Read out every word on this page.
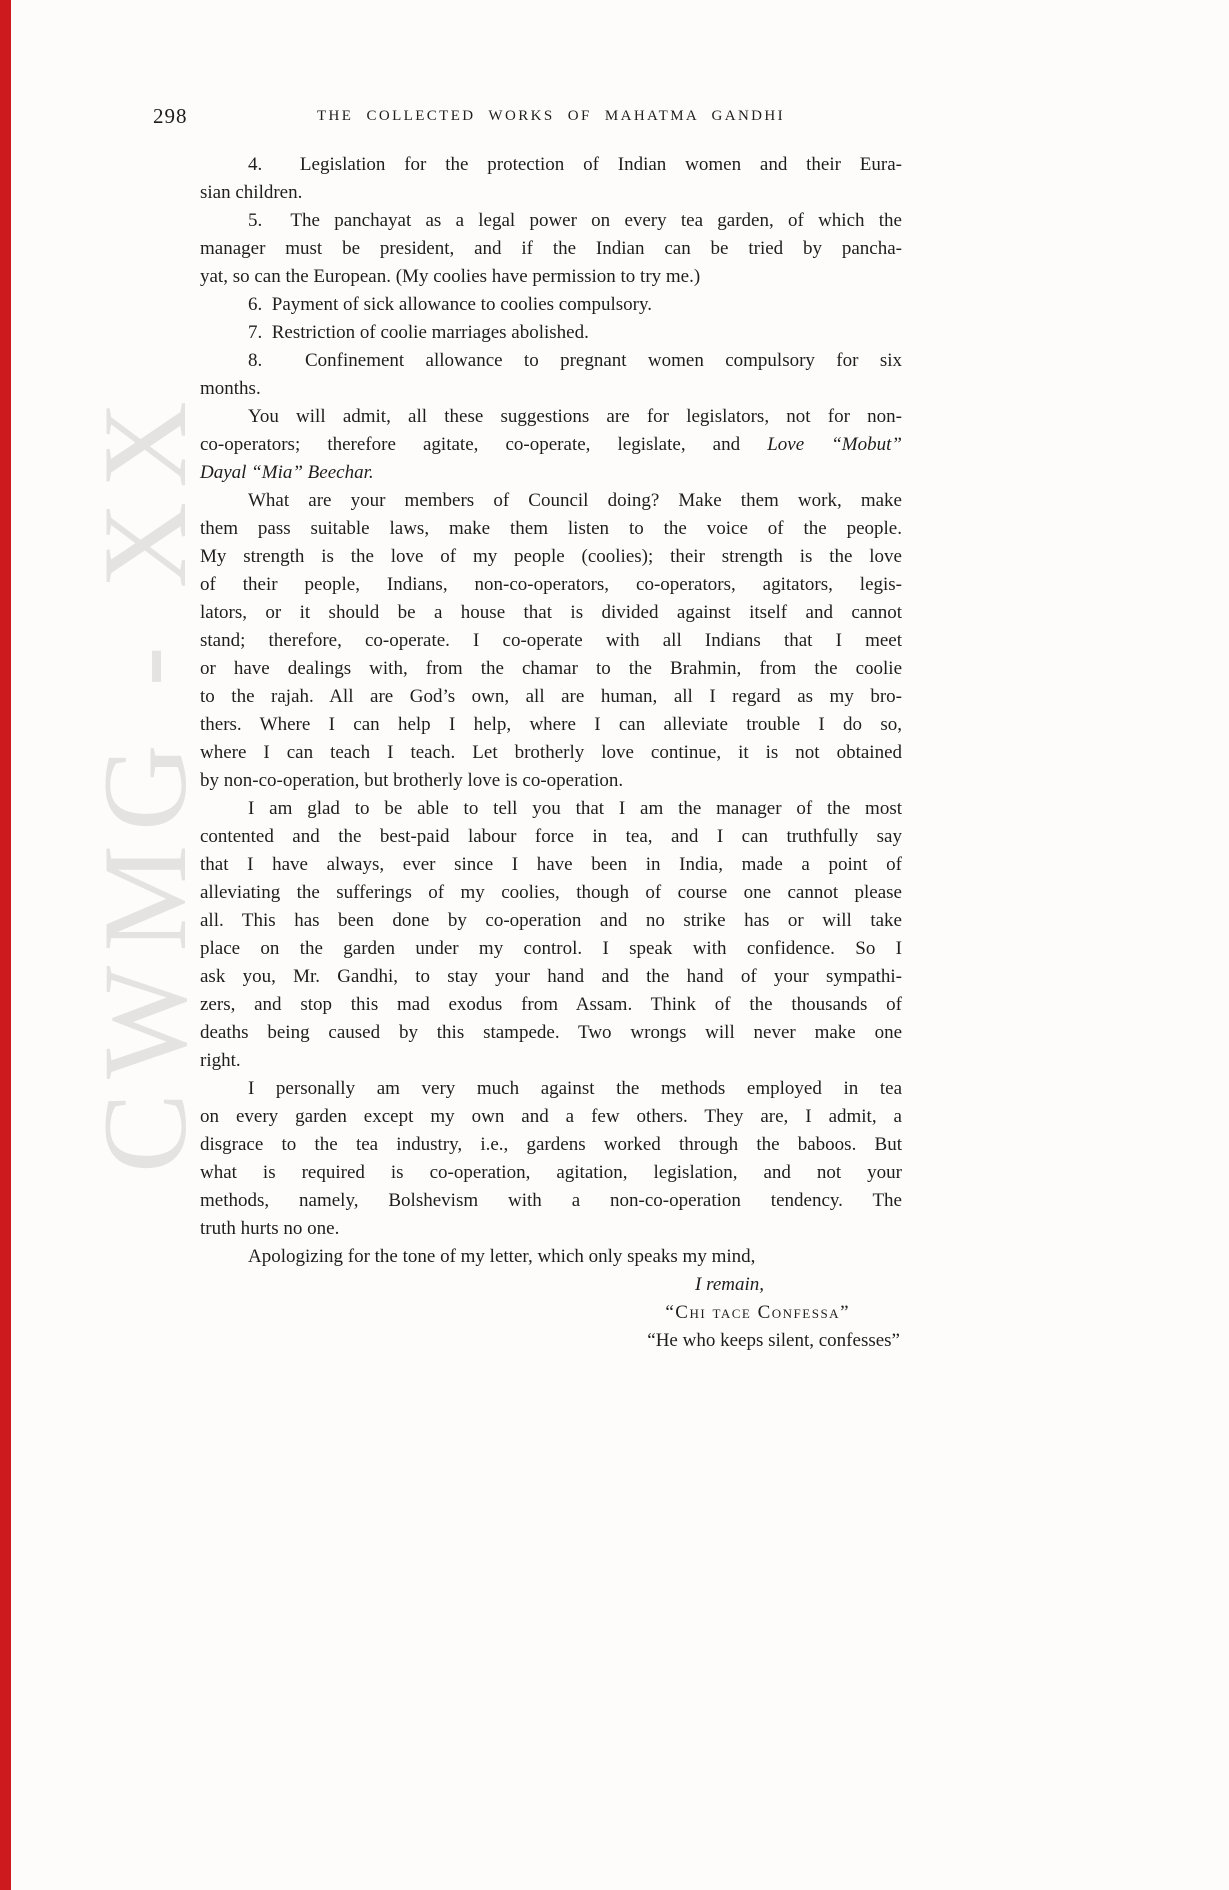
CWMG - XX
298	THE COLLECTED WORKS OF MAHATMA GANDHI
4.  Legislation for the protection of Indian women and their Eura-
sian children.
5.  The panchayat as a legal power on every tea garden, of which the
manager must be president, and if the Indian can be tried by pancha-
yat, so can the European. (My coolies have permission to try me.)
6.  Payment of sick allowance to coolies compulsory.
7.  Restriction of coolie marriages abolished.
8.  Confinement allowance to pregnant women compulsory for six
months.
You will admit, all these suggestions are for legislators, not for non-
co-operators; therefore agitate, co-operate, legislate, and Love “Mobut”
Dayal “Mia” Beechar.
What are your members of Council doing? Make them work, make
them pass suitable laws, make them listen to the voice of the people.
My strength is the love of my people (coolies); their strength is the love
of their people, Indians, non-co-operators, co-operators, agitators, legis-
lators, or it should be a house that is divided against itself and cannot
stand; therefore, co-operate. I co-operate with all Indians that I meet
or have dealings with, from the chamar to the Brahmin, from the coolie
to the rajah. All are God’s own, all are human, all I regard as my bro-
thers. Where I can help I help, where I can alleviate trouble I do so,
where I can teach I teach. Let brotherly love continue, it is not obtained
by non-co-operation, but brotherly love is co-operation.
I am glad to be able to tell you that I am the manager of the most
contented and the best-paid labour force in tea, and I can truthfully say
that I have always, ever since I have been in India, made a point of
alleviating the sufferings of my coolies, though of course one cannot please
all. This has been done by co-operation and no strike has or will take
place on the garden under my control. I speak with confidence. So I
ask you, Mr. Gandhi, to stay your hand and the hand of your sympathi-
zers, and stop this mad exodus from Assam. Think of the thousands of
deaths being caused by this stampede. Two wrongs will never make one
right.
I personally am very much against the methods employed in tea
on every garden except my own and a few others. They are, I admit, a
disgrace to the tea industry, i.e., gardens worked through the baboos. But
what is required is co-operation, agitation, legislation, and not your
methods, namely, Bolshevism with a non-co-operation tendency. The
truth hurts no one.
Apologizing for the tone of my letter, which only speaks my mind,
I remain,
“Chi tace Confessa”
“He who keeps silent, confesses”
